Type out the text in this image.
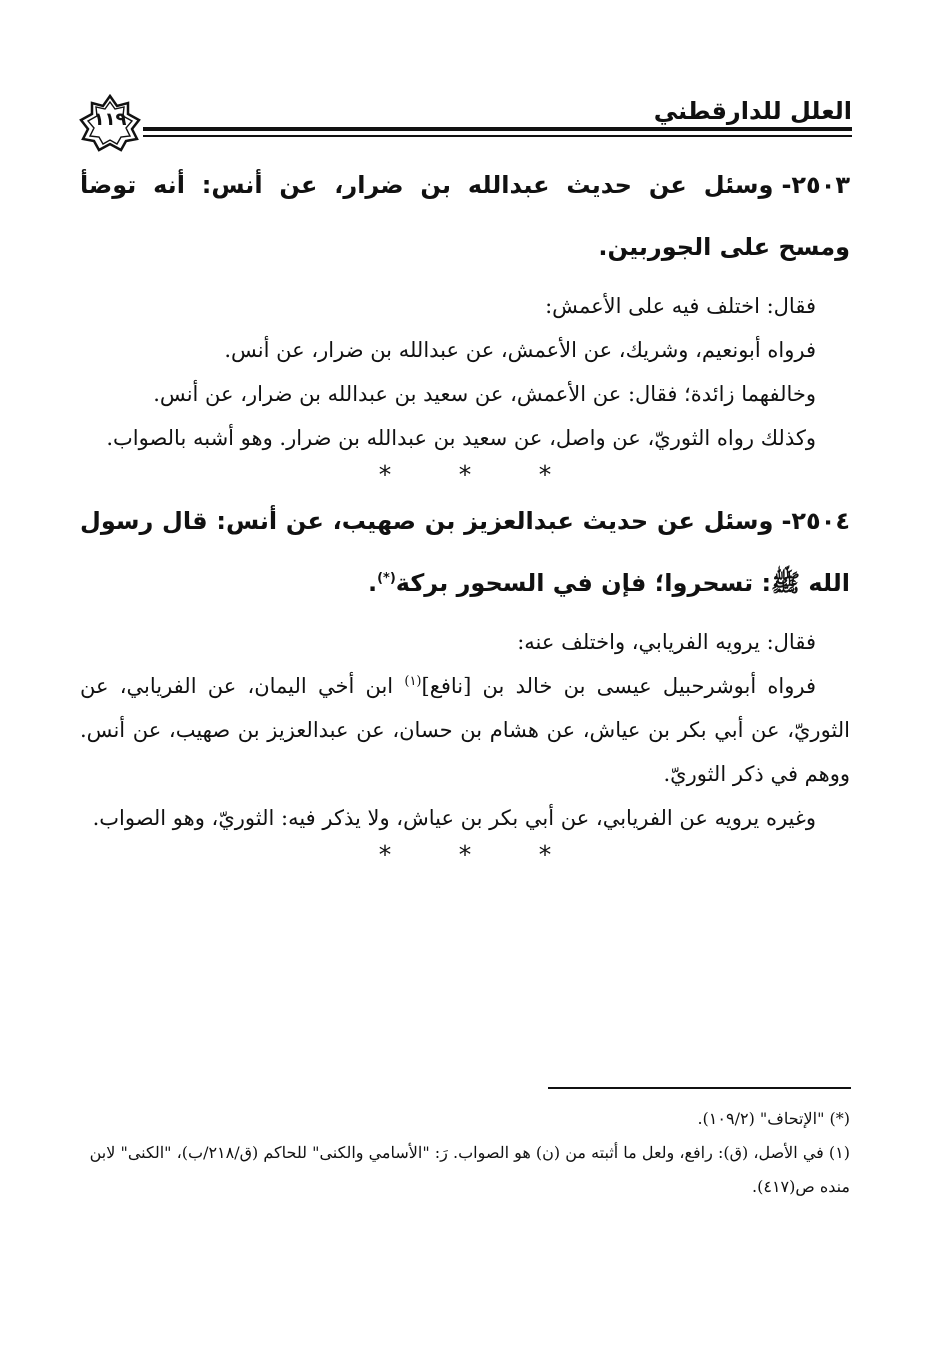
١١٩	العلل للدارقطني

٢٥٠٣-وسئل عن حديث عبدالله بن ضرار، عن أنس: أنه توضأ ومسح على الجوربين.

فقال: اختلف فيه على الأعمش:

فرواه أبونعيم، وشريك، عن الأعمش، عن عبدالله بن ضرار، عن أنس.

وخالفهما زائدة؛ فقال: عن الأعمش، عن سعيد بن عبدالله بن ضرار، عن أنس.

وكذلك رواه الثوريّ، عن واصل، عن سعيد بن عبدالله بن ضرار. وهو أشبه بالصواب.

*	*	*

٢٥٠٤-وسئل عن حديث عبدالعزيز بن صهيب، عن أنس: قال رسول الله ﷺ: تسحروا؛ فإن في السحور بركة(*).

فقال: يرويه الفريابي، واختلف عنه:

فرواه أبوشرحبيل عيسى بن خالد بن [نافع]$^{(١)}$ ابن أخي اليمان، عن الفريابي، عن الثوريّ، عن أبي بكر بن عياش، عن هشام بن حسان، عن عبدالعزيز بن صهيب، عن أنس. ووهم في ذكر الثوريّ.

وغيره يرويه عن الفريابي، عن أبي بكر بن عياش، ولا يذكر فيه: الثوريّ، وهو الصواب.

*	*	*

(*) "الإتحاف" (١٠٩/٢).

(١) في الأصل، (ق): رافع، ولعل ما أثبته من (ن) هو الصواب. رَ: "الأسامي والكنى" للحاكم (ق/٢١٨/ب)، "الكنى" لابن منده ص(٤١٧).
